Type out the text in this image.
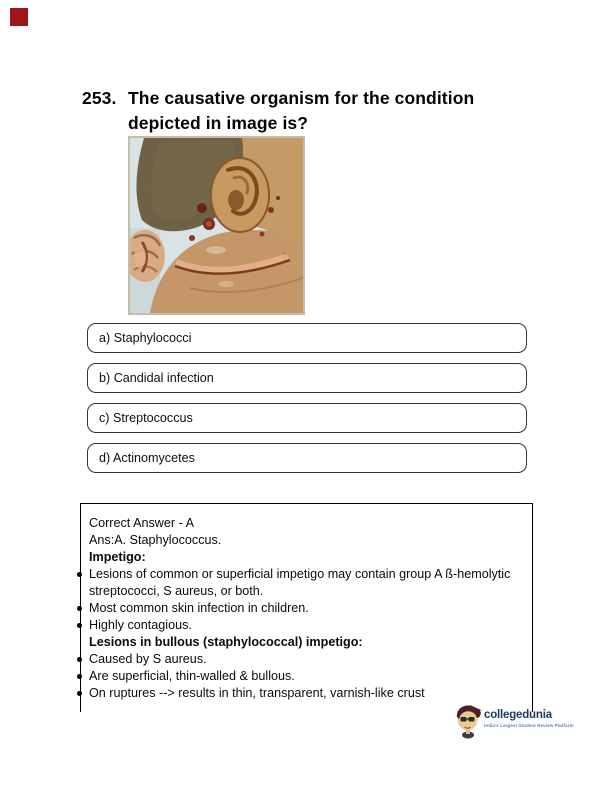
253. The causative organism for the condition depicted in image is?
a) Staphylococci
b) Candidal infection
c) Streptococcus
d) Actinomycetes
Correct Answer - A
Ans:A. Staphylococcus.
Impetigo:
Lesions of common or superficial impetigo may contain group A ß-hemolytic streptococci, S aureus, or both.
Most common skin infection in children.
Highly contagious.
Lesions in bullous (staphylococcal) impetigo:
Caused by S aureus.
Are superficial, thin-walled & bullous.
On ruptures --> results in thin, transparent, varnish-like crust
collegedunia
India's Largest Student Review Platform
